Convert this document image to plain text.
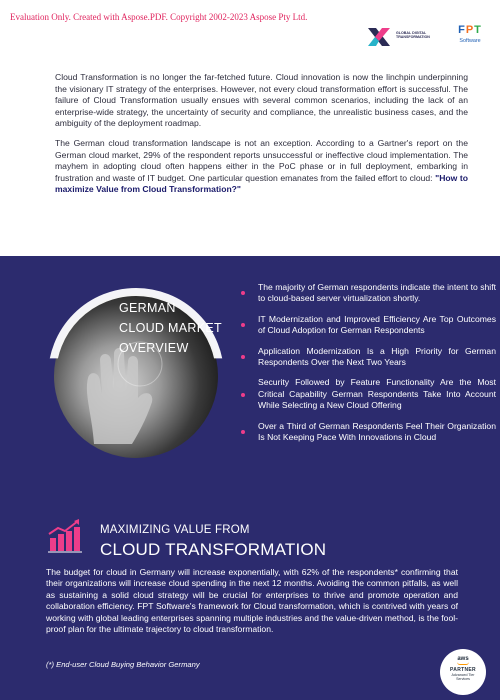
Evaluation Only. Created with Aspose.PDF. Copyright 2002-2023 Aspose Pty Ltd.
GLOBAL DIGITAL
TRANSFORMATION
FPT
Software

Cloud Transformation is no longer the far-fetched future. Cloud innovation is now the linchpin underpinning the visionary IT strategy of the enterprises. However, not every cloud transformation effort is successful. The failure of Cloud Transformation usually ensues with several common scenarios, including the lack of an enterprise-wide strategy, the uncertainty of security and compliance, the unrealistic business cases, and the ambiguity of the deployment roadmap.

The German cloud transformation landscape is not an exception. According to a Gartner's report on the German cloud market, 29% of the respondent reports unsuccessful or ineffective cloud implementation. The mayhem in adopting cloud often happens either in the PoC phase or in full deployment, embarking in frustration and waste of IT budget. One particular question emanates from the failed effort to cloud: "How to maximize Value from Cloud Transformation?"

GERMAN
CLOUD MARKET
OVERVIEW
The majority of German respondents indicate the intent to shift to cloud-based server virtualization shortly.
IT Modernization and Improved Efficiency Are Top Outcomes of Cloud Adoption for German Respondents
Application Modernization Is a High Priority for German Respondents Over the Next Two Years
Security Followed by Feature Functionality Are the Most Critical Capability German Respondents Take Into Account While Selecting a New Cloud Offering
Over a Third of German Respondents Feel Their Organization Is Not Keeping Pace With Innovations in Cloud
MAXIMIZING VALUE FROM
CLOUD TRANSFORMATION

The budget for cloud in Germany will increase exponentially, with 62% of the respondents* confirming that their organizations will increase cloud spending in the next 12 months. Avoiding the common pitfalls, as well as sustaining a solid cloud strategy will be crucial for enterprises to thrive and promote operation and collaboration efficiency. FPT Software's framework for Cloud transformation, which is contrived with years of working with global leading enterprises spanning multiple industries and the value-driven method, is the fool-proof plan for the ultimate trajectory to cloud transformation.

(*) End-user Cloud Buying Behavior Germany
aws
PARTNER
Advanced Tier
Services
